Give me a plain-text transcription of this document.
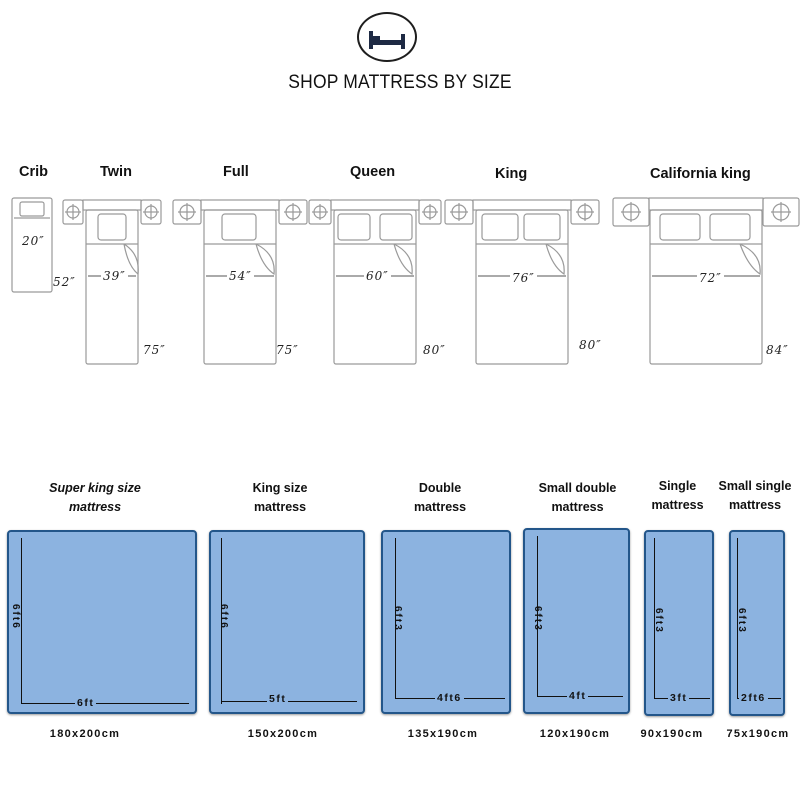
SHOP MATTRESS BY SIZE
Crib	Twin	Full	Queen	King	California king
20″
52″ 39″
75″
54″
75″
60″
80″
76″
80″
72″
84″
Super king size
mattress
King size
mattress
Double
mattress
Small double
mattress
Single
mattress
Small single
mattress
6ft6
6ft
6ft6
5ft
6ft3
4ft6
6ft3
4ft
6ft3
3ft
6ft3
2ft6
180x200cm	150x200cm	135x190cm	120x190cm	90x190cm	75x190cm
